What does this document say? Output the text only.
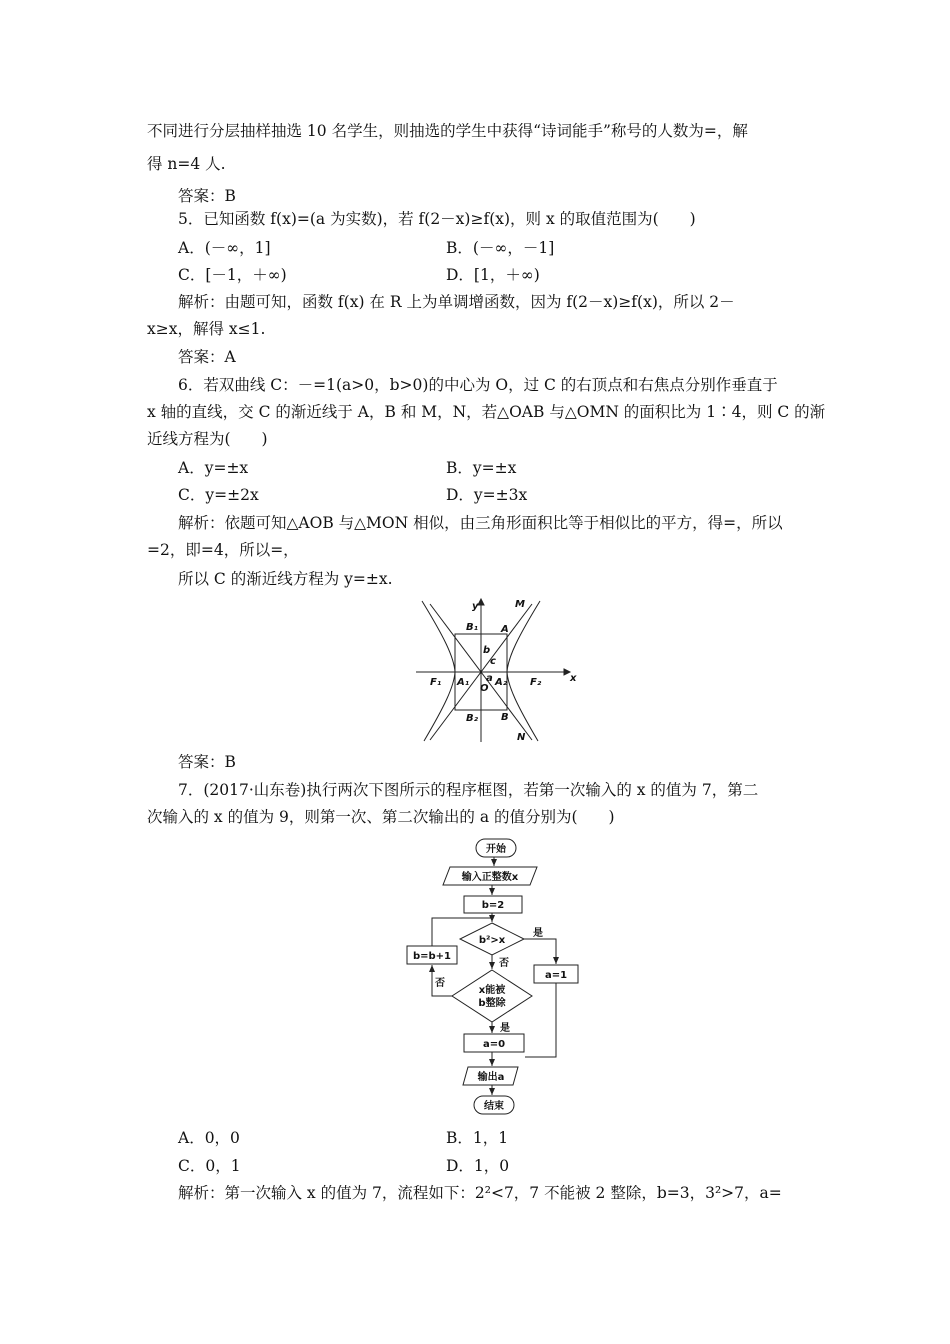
不同进行分层抽样抽选 10 名学生，则抽选的学生中获得“诗词能手”称号的人数为=，解
得 n=4 人.
答案：B
5．已知函数 f(x)=(a 为实数)，若 f(2－x)≥f(x)，则 x 的取值范围为(　　)
A．(－∞，1]	B．(－∞，－1]
C．[－1，＋∞)	D．[1，＋∞)
解析：由题可知，函数 f(x) 在 R 上为单调增函数，因为 f(2－x)≥f(x)，所以 2－
x≥x，解得 x≤1.
答案：A
6．若双曲线 C：－=1(a>0，b>0)的中心为 O，过 C 的右顶点和右焦点分别作垂直于
x 轴的直线，交 C 的渐近线于 A，B 和 M，N，若△OAB 与△OMN 的面积比为 1∶4，则 C 的渐
近线方程为(　　)
A．y=±x	B．y=±x
C．y=±2x	D．y=±3x
解析：依题可知△AOB 与△MON 相似，由三角形面积比等于相似比的平方，得=，所以
=2，即=4，所以=，
所以 C 的渐近线方程为 y=±x.
y
x
M
N
A
B
B₁
B₂
b
c
a
O
F₁ A₁	A₂ F₂
答案：B
7．(2017·山东卷)执行两次下图所示的程序框图，若第一次输入的 x 的值为 7，第二
次输入的 x 的值为 9，则第一次、第二次输出的 a 的值分别为(　　)
开始
输入正整数x
b=2
b²>x
是
否
x能被
b整除
否
是
b=b+1
a=1
a=0
输出a
结束
A．0，0	B．1，1
C．0，1	D．1，0
解析：第一次输入 x 的值为 7，流程如下：2²<7，7 不能被 2 整除，b=3，3²>7，a=
